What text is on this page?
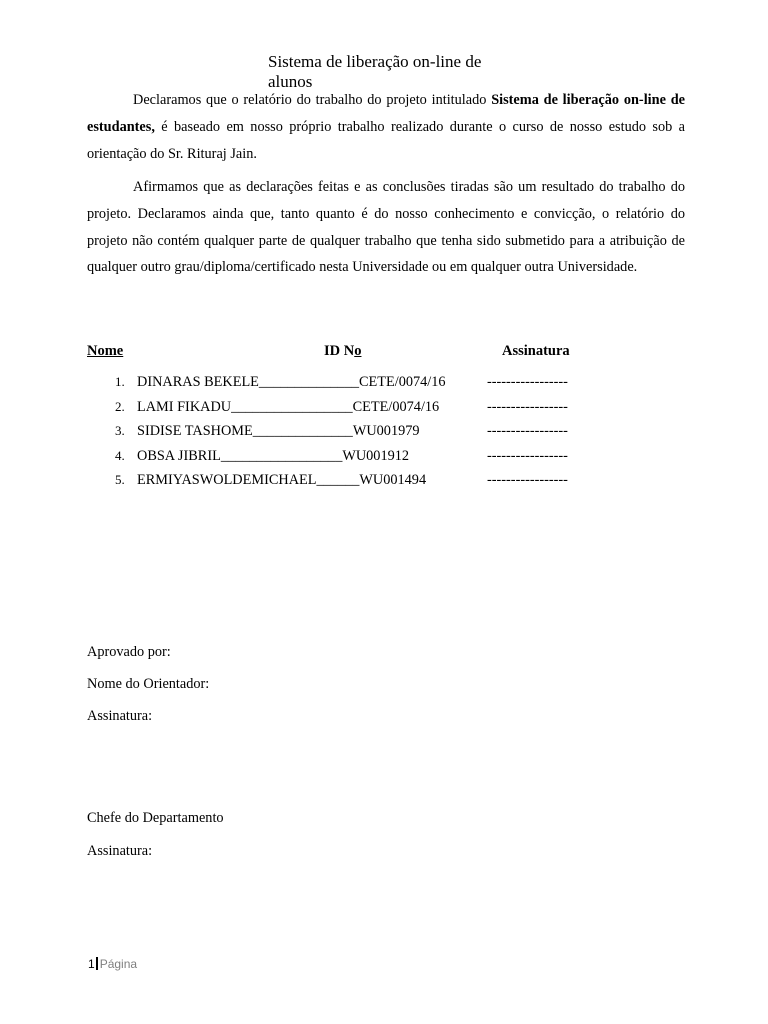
Sistema de liberação on-line de alunos

Declaramos que o relatório do trabalho do projeto intitulado Sistema de liberação on-line de estudantes, é baseado em nosso próprio trabalho realizado durante o curso de nosso estudo sob a orientação do Sr. Rituraj Jain.

Afirmamos que as declarações feitas e as conclusões tiradas são um resultado do trabalho do projeto. Declaramos ainda que, tanto quanto é do nosso conhecimento e convicção, o relatório do projeto não contém qualquer parte de qualquer trabalho que tenha sido submetido para a atribuição de qualquer outro grau/diploma/certificado nesta Universidade ou em qualquer outra Universidade.

Nome	ID No	Assinatura
1. DINARAS BEKELE______________CETE/0074/16	-----------------
2. LAMI FIKADU_________________CETE/0074/16	-----------------
3. SIDISE TASHOME______________WU001979	-----------------
4. OBSA JIBRIL_________________WU001912	-----------------
5. ERMIYASWOLDEMICHAEL______WU001494	-----------------
Aprovado por:
Nome do Orientador:
Assinatura:
Chefe do Departamento
Assinatura:
1 Página
